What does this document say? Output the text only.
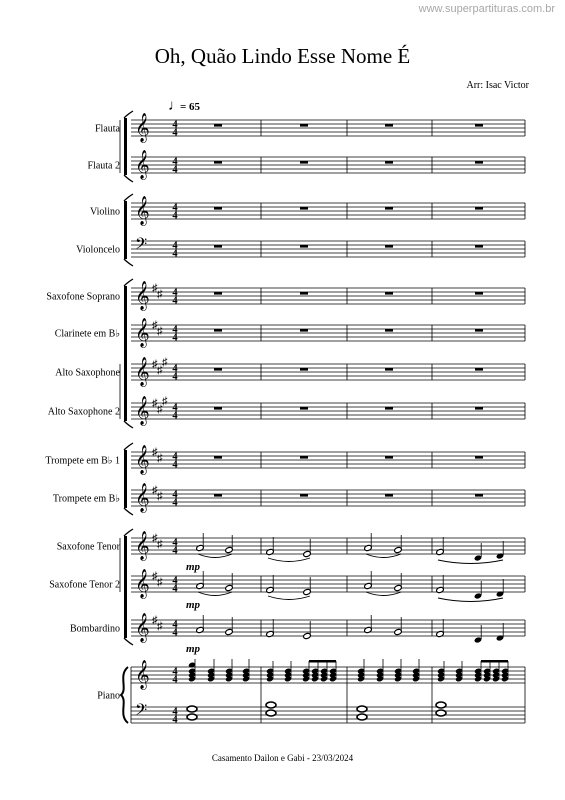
www.superpartituras.com.br
Oh, Quão Lindo Esse Nome É
Arr: Isac Victor
Casamento Dailon e Gabi - 23/03/2024
Flauta
Flauta 2
Violino
Violoncelo
Saxofone Soprano
Clarinete em B♭
Alto Saxophone
Alto Saxophone 2
Trompete em B♭ 1
Trompete em B♭
Saxofone Tenor
Saxofone Tenor 2
Bombardino
Piano
𝄞
𝄞
𝄞
𝄢
𝄞
𝄞
𝄞
𝄞
𝄞
𝄞
𝄞
𝄞
𝄞
𝄞
𝄢
♯ ♯
♯ ♯
♯ ♯
♯
♯ ♯
♯
♯ ♯
♯ ♯
♯ ♯
♯ ♯
♯ ♯
4
4
4
4
4
4
4
4
4
4
4
4
4
4
4
4
4
4
4
4
4
4
4
4
4
4
4
4
4
4
mp
mp
mp
♩
= 65
